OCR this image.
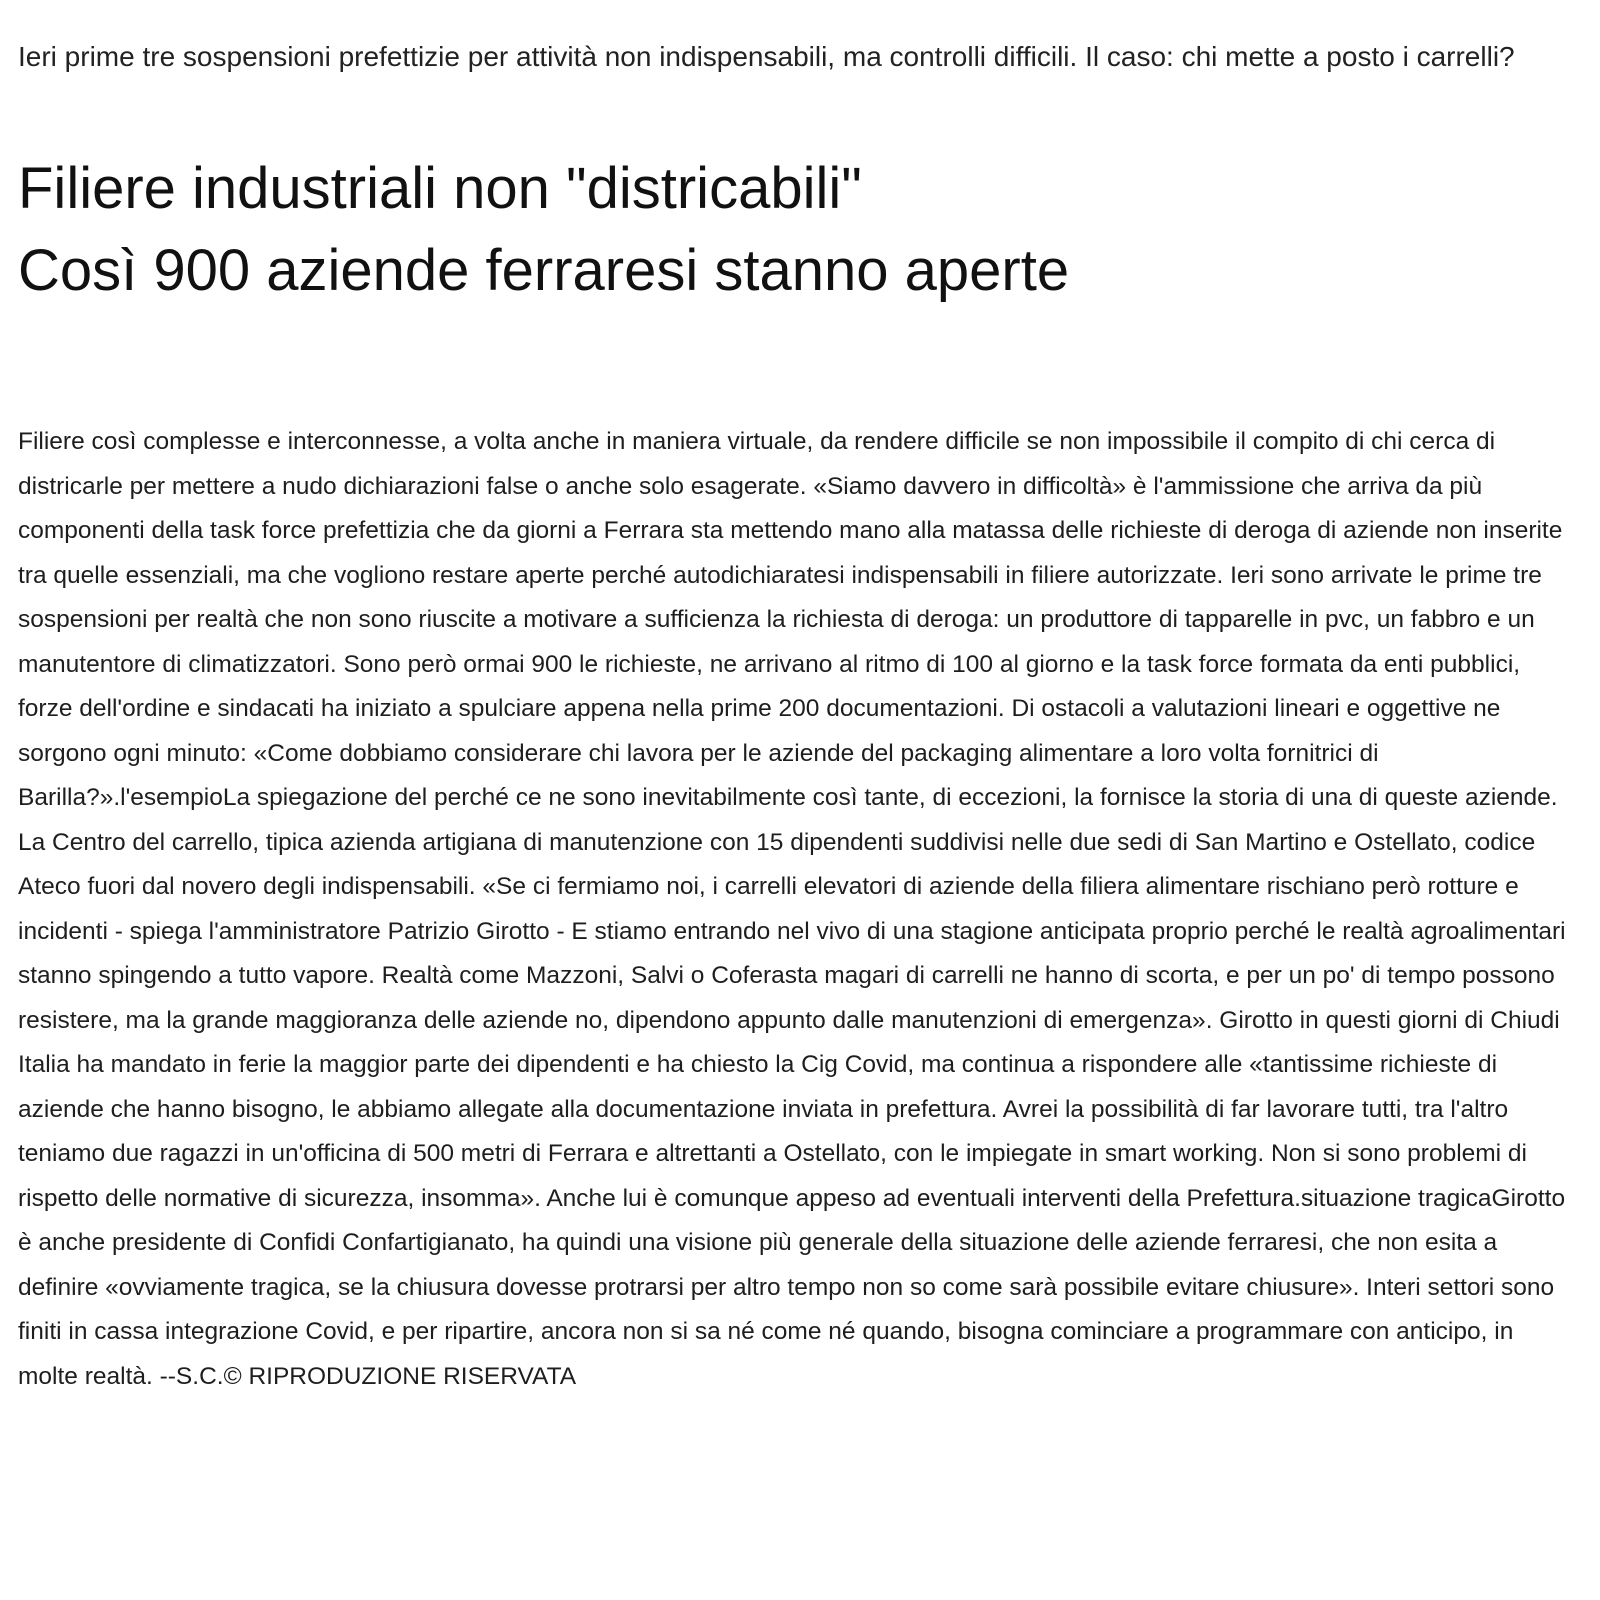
Ieri prime tre sospensioni prefettizie per attività non indispensabili, ma controlli difficili. Il caso: chi mette a posto i carrelli?

Filiere industriali non "districabili"
Così 900 aziende ferraresi stanno aperte

Filiere così complesse e interconnesse, a volta anche in maniera virtuale, da rendere difficile se non impossibile il compito di chi cerca di districarle per mettere a nudo dichiarazioni false o anche solo esagerate. «Siamo davvero in difficoltà» è l'ammissione che arriva da più componenti della task force prefettizia che da giorni a Ferrara sta mettendo mano alla matassa delle richieste di deroga di aziende non inserite tra quelle essenziali, ma che vogliono restare aperte perché autodichiaratesi indispensabili in filiere autorizzate. Ieri sono arrivate le prime tre sospensioni per realtà che non sono riuscite a motivare a sufficienza la richiesta di deroga: un produttore di tapparelle in pvc, un fabbro e un manutentore di climatizzatori. Sono però ormai 900 le richieste, ne arrivano al ritmo di 100 al giorno e la task force formata da enti pubblici, forze dell'ordine e sindacati ha iniziato a spulciare appena nella prime 200 documentazioni. Di ostacoli a valutazioni lineari e oggettive ne sorgono ogni minuto: «Come dobbiamo considerare chi lavora per le aziende del packaging alimentare a loro volta fornitrici di Barilla?».l'esempioLa spiegazione del perché ce ne sono inevitabilmente così tante, di eccezioni, la fornisce la storia di una di queste aziende. La Centro del carrello, tipica azienda artigiana di manutenzione con 15 dipendenti suddivisi nelle due sedi di San Martino e Ostellato, codice Ateco fuori dal novero degli indispensabili. «Se ci fermiamo noi, i carrelli elevatori di aziende della filiera alimentare rischiano però rotture e incidenti - spiega l'amministratore Patrizio Girotto - E stiamo entrando nel vivo di una stagione anticipata proprio perché le realtà agroalimentari stanno spingendo a tutto vapore. Realtà come Mazzoni, Salvi o Coferasta magari di carrelli ne hanno di scorta, e per un po' di tempo possono resistere, ma la grande maggioranza delle aziende no, dipendono appunto dalle manutenzioni di emergenza». Girotto in questi giorni di Chiudi Italia ha mandato in ferie la maggior parte dei dipendenti e ha chiesto la Cig Covid, ma continua a rispondere alle «tantissime richieste di aziende che hanno bisogno, le abbiamo allegate alla documentazione inviata in prefettura. Avrei la possibilità di far lavorare tutti, tra l'altro teniamo due ragazzi in un'officina di 500 metri di Ferrara e altrettanti a Ostellato, con le impiegate in smart working. Non si sono problemi di rispetto delle normative di sicurezza, insomma». Anche lui è comunque appeso ad eventuali interventi della Prefettura.situazione tragicaGirotto è anche presidente di Confidi Confartigianato, ha quindi una visione più generale della situazione delle aziende ferraresi, che non esita a definire «ovviamente tragica, se la chiusura dovesse protrarsi per altro tempo non so come sarà possibile evitare chiusure». Interi settori sono finiti in cassa integrazione Covid, e per ripartire, ancora non si sa né come né quando, bisogna cominciare a programmare con anticipo, in molte realtà. --S.C.© RIPRODUZIONE RISERVATA
